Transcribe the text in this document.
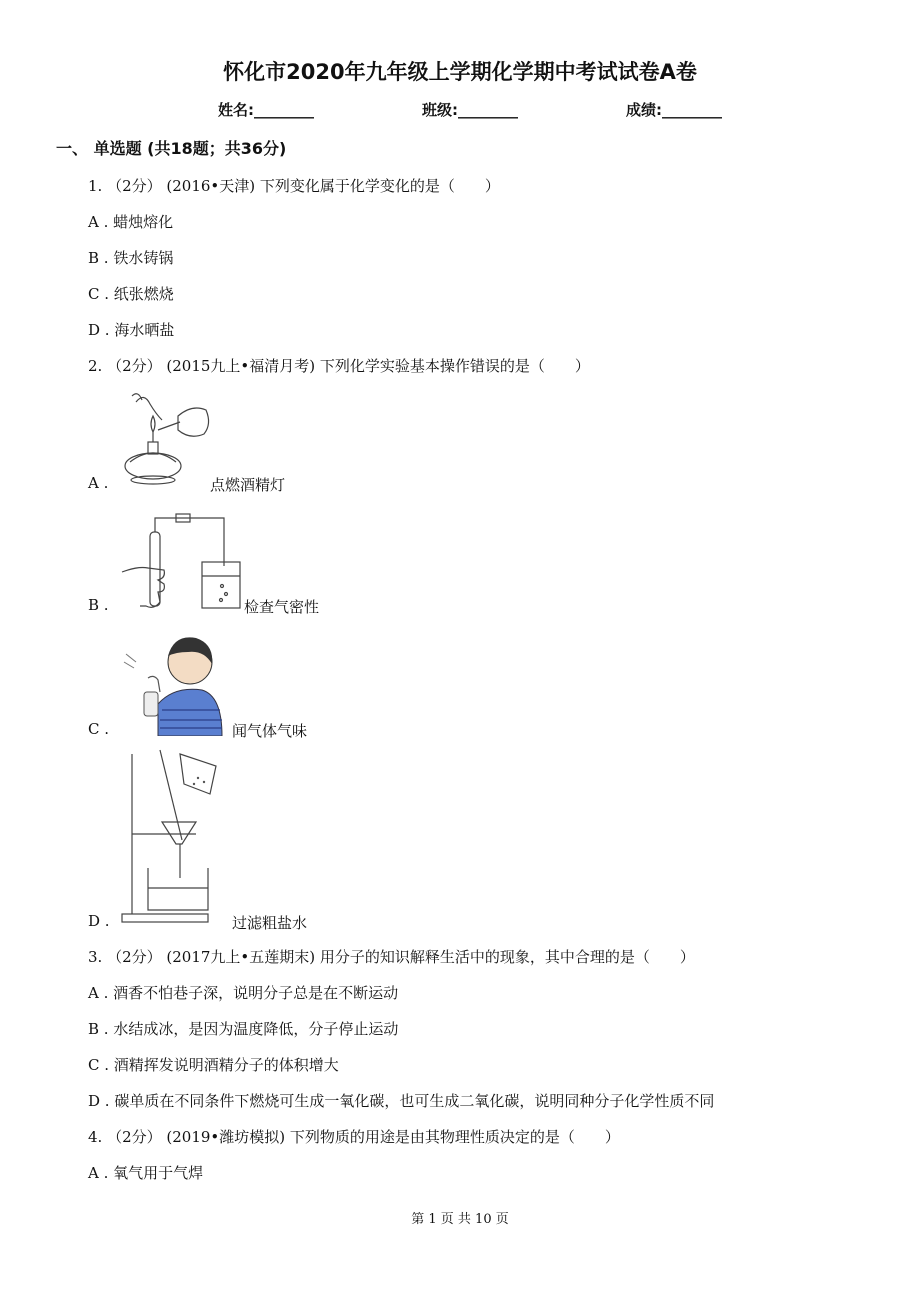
怀化市2020年九年级上学期化学期中考试试卷A卷
姓名:________	班级:________	成绩:________
一、 单选题 (共18题；共36分)
1. （2分） (2016•天津) 下列变化属于化学变化的是（　　）
A . 蜡烛熔化
B . 铁水铸锅
C . 纸张燃烧
D . 海水晒盐
2. （2分） (2015九上•福清月考) 下列化学实验基本操作错误的是（　　）
A .	点燃酒精灯
B .	检查气密性
C .	闻气体气味
D .	过滤粗盐水
3. （2分） (2017九上•五莲期末) 用分子的知识解释生活中的现象，其中合理的是（　　）
A . 酒香不怕巷子深，说明分子总是在不断运动
B . 水结成冰，是因为温度降低，分子停止运动
C . 酒精挥发说明酒精分子的体积增大
D . 碳单质在不同条件下燃烧可生成一氧化碳，也可生成二氧化碳，说明同种分子化学性质不同
4. （2分） (2019•潍坊模拟) 下列物质的用途是由其物理性质决定的是（　　）
A . 氧气用于气焊
第 1 页 共 10 页
